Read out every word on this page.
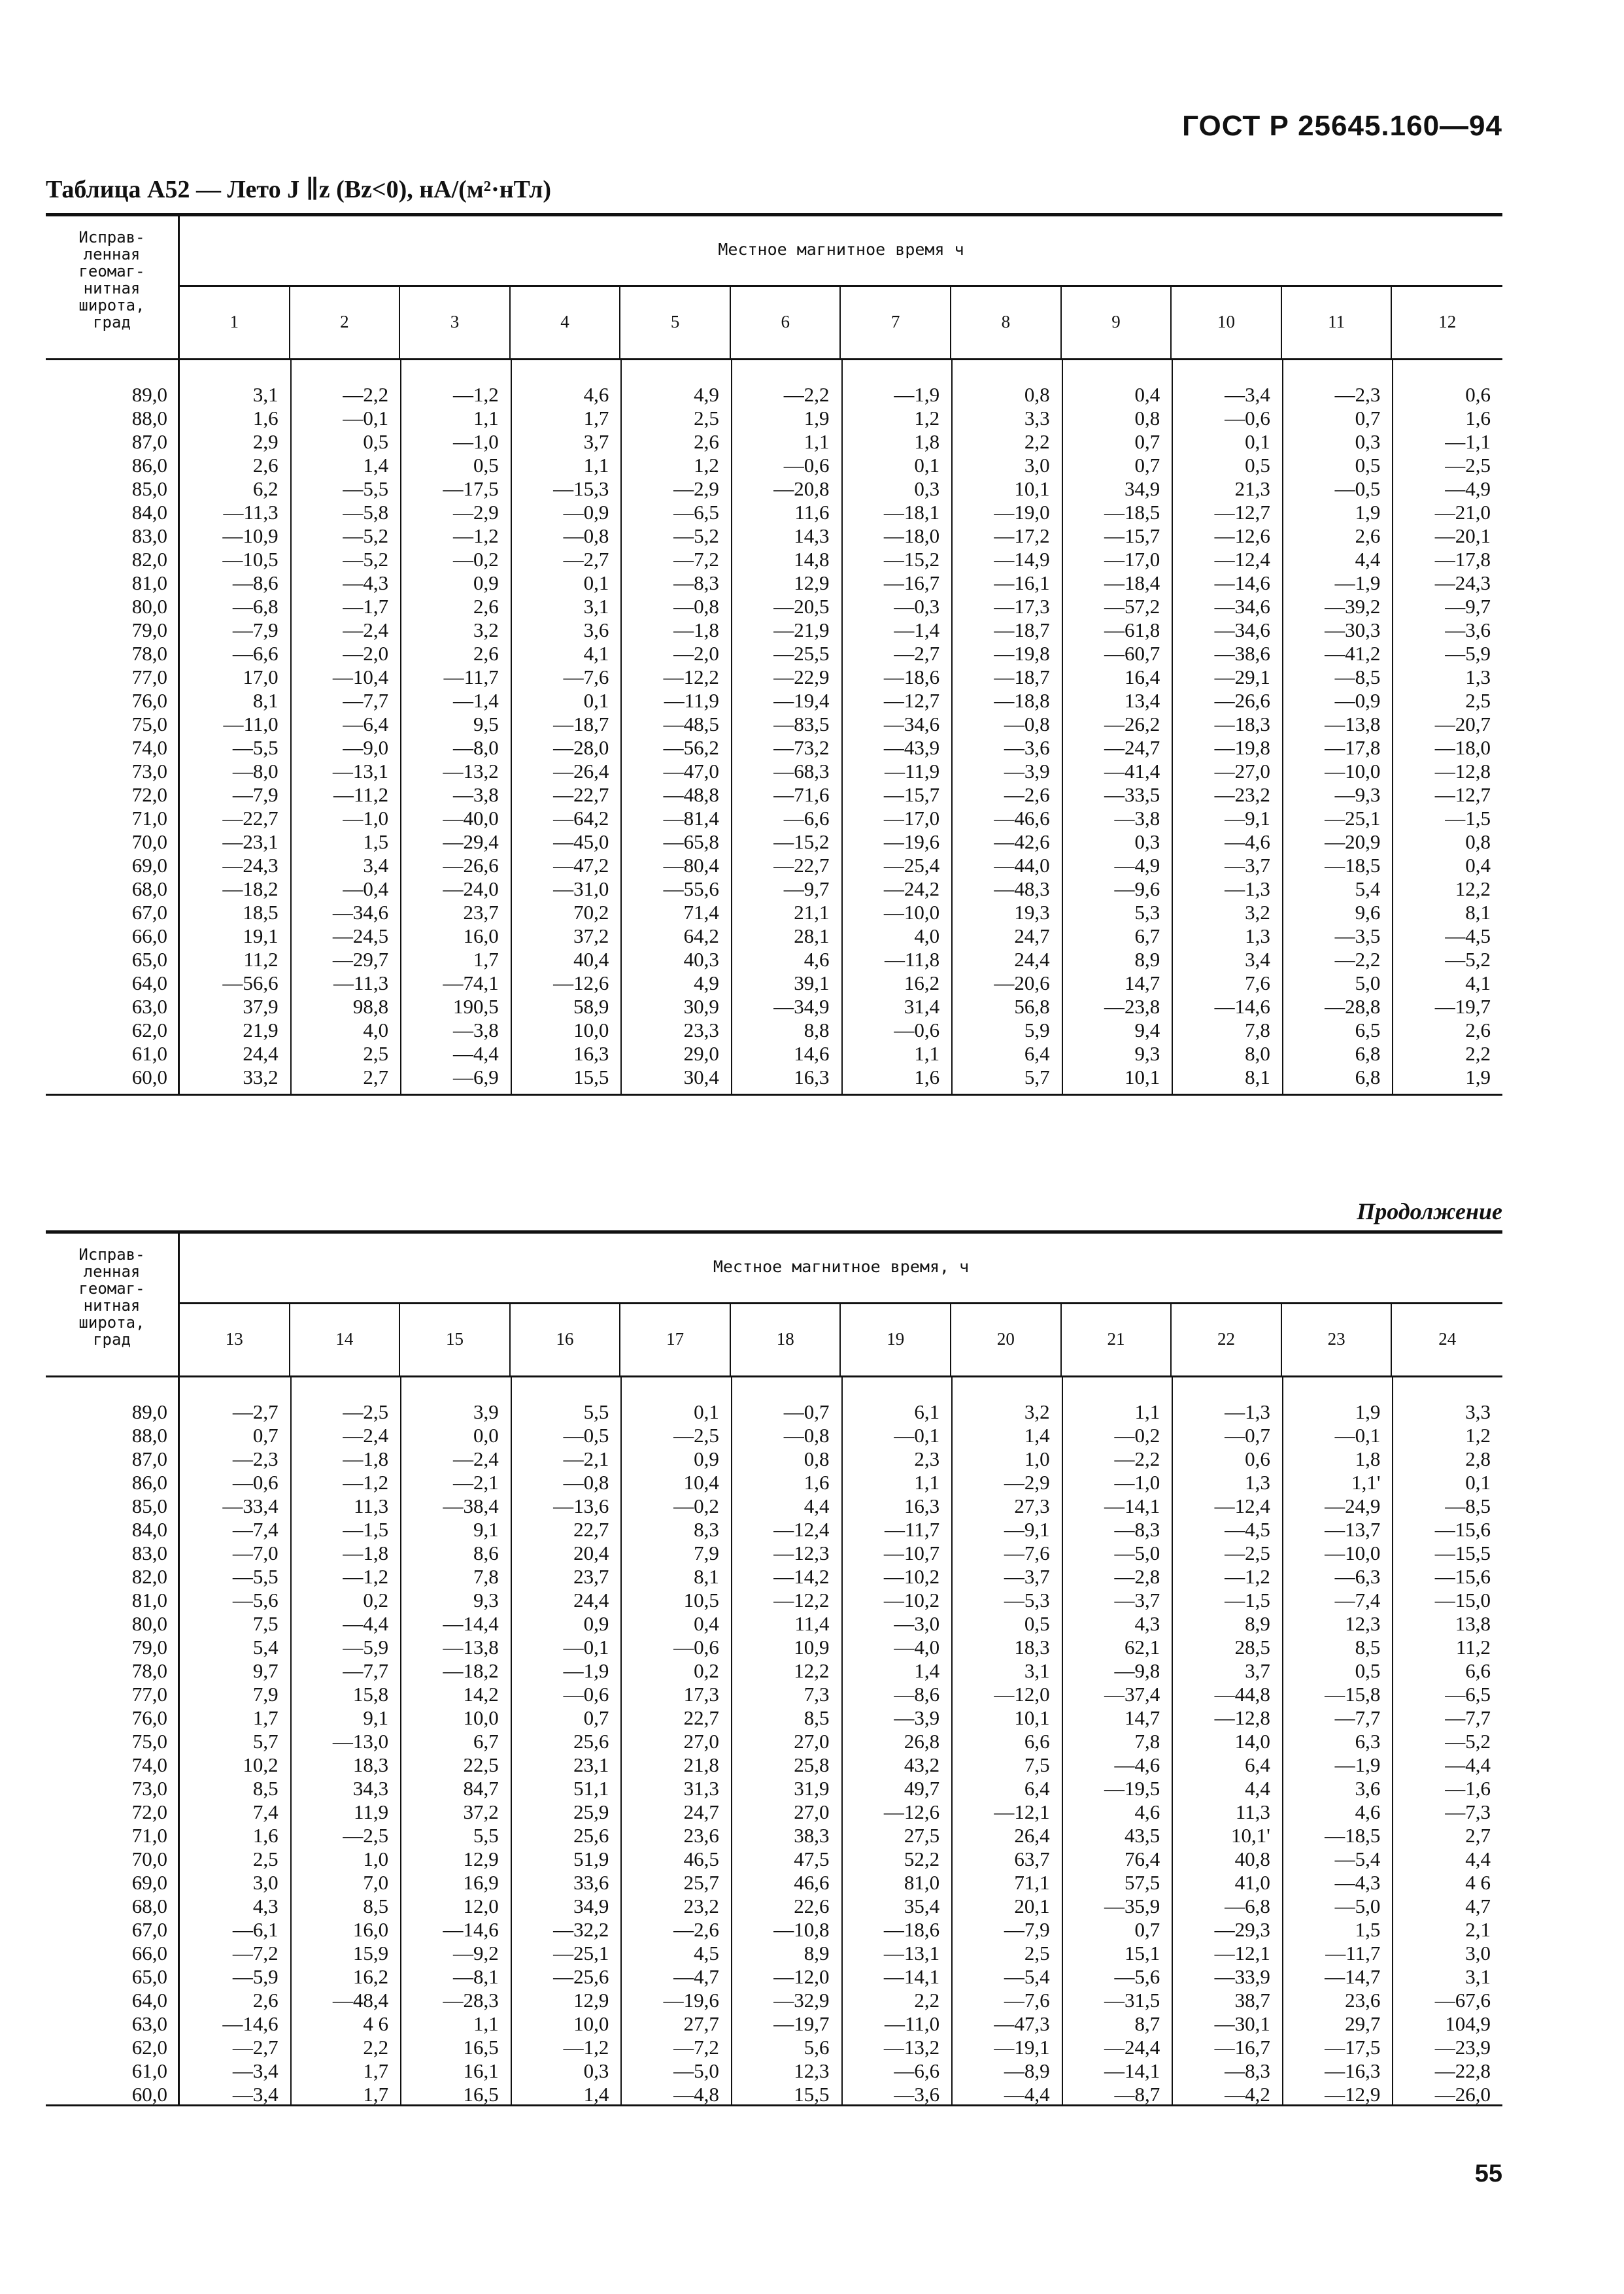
ГОСТ Р 25645.160—94
Таблица А52 — Лето J ∥z (Bz<0), нА/(м²·нТл)
Исправ-
ленная
геомаг-
нитная
широта,
град
Местное магнитное время ч
1	2	3	4	5	6	7	8	9	10	11	12
89,0	3,1	—2,2	—1,2	4,6	4,9	—2,2	—1,9	0,8	0,4	—3,4	—2,3	0,6
88,0	1,6	—0,1	1,1	1,7	2,5	1,9	1,2	3,3	0,8	—0,6	0,7	1,6
87,0	2,9	0,5	—1,0	3,7	2,6	1,1	1,8	2,2	0,7	0,1	0,3	—1,1
86,0	2,6	1,4	0,5	1,1	1,2	—0,6	0,1	3,0	0,7	0,5	0,5	—2,5
85,0	6,2	—5,5	—17,5	—15,3	—2,9	—20,8	0,3	10,1	34,9	21,3	—0,5	—4,9
84,0	—11,3	—5,8	—2,9	—0,9	—6,5	11,6	—18,1	—19,0	—18,5	—12,7	1,9	—21,0
83,0	—10,9	—5,2	—1,2	—0,8	—5,2	14,3	—18,0	—17,2	—15,7	—12,6	2,6	—20,1
82,0	—10,5	—5,2	—0,2	—2,7	—7,2	14,8	—15,2	—14,9	—17,0	—12,4	4,4	—17,8
81,0	—8,6	—4,3	0,9	0,1	—8,3	12,9	—16,7	—16,1	—18,4	—14,6	—1,9	—24,3
80,0	—6,8	—1,7	2,6	3,1	—0,8	—20,5	—0,3	—17,3	—57,2	—34,6	—39,2	—9,7
79,0	—7,9	—2,4	3,2	3,6	—1,8	—21,9	—1,4	—18,7	—61,8	—34,6	—30,3	—3,6
78,0	—6,6	—2,0	2,6	4,1	—2,0	—25,5	—2,7	—19,8	—60,7	—38,6	—41,2	—5,9
77,0	17,0	—10,4	—11,7	—7,6	—12,2	—22,9	—18,6	—18,7	16,4	—29,1	—8,5	1,3
76,0	8,1	—7,7	—1,4	0,1	—11,9	—19,4	—12,7	—18,8	13,4	—26,6	—0,9	2,5
75,0	—11,0	—6,4	9,5	—18,7	—48,5	—83,5	—34,6	—0,8	—26,2	—18,3	—13,8	—20,7
74,0	—5,5	—9,0	—8,0	—28,0	—56,2	—73,2	—43,9	—3,6	—24,7	—19,8	—17,8	—18,0
73,0	—8,0	—13,1	—13,2	—26,4	—47,0	—68,3	—11,9	—3,9	—41,4	—27,0	—10,0	—12,8
72,0	—7,9	—11,2	—3,8	—22,7	—48,8	—71,6	—15,7	—2,6	—33,5	—23,2	—9,3	—12,7
71,0	—22,7	—1,0	—40,0	—64,2	—81,4	—6,6	—17,0	—46,6	—3,8	—9,1	—25,1	—1,5
70,0	—23,1	1,5	—29,4	—45,0	—65,8	—15,2	—19,6	—42,6	0,3	—4,6	—20,9	0,8
69,0	—24,3	3,4	—26,6	—47,2	—80,4	—22,7	—25,4	—44,0	—4,9	—3,7	—18,5	0,4
68,0	—18,2	—0,4	—24,0	—31,0	—55,6	—9,7	—24,2	—48,3	—9,6	—1,3	5,4	12,2
67,0	18,5	—34,6	23,7	70,2	71,4	21,1	—10,0	19,3	5,3	3,2	9,6	8,1
66,0	19,1	—24,5	16,0	37,2	64,2	28,1	4,0	24,7	6,7	1,3	—3,5	—4,5
65,0	11,2	—29,7	1,7	40,4	40,3	4,6	—11,8	24,4	8,9	3,4	—2,2	—5,2
64,0	—56,6	—11,3	—74,1	—12,6	4,9	39,1	16,2	—20,6	14,7	7,6	5,0	4,1
63,0	37,9	98,8	190,5	58,9	30,9	—34,9	31,4	56,8	—23,8	—14,6	—28,8	—19,7
62,0	21,9	4,0	—3,8	10,0	23,3	8,8	—0,6	5,9	9,4	7,8	6,5	2,6
61,0	24,4	2,5	—4,4	16,3	29,0	14,6	1,1	6,4	9,3	8,0	6,8	2,2
60,0	33,2	2,7	—6,9	15,5	30,4	16,3	1,6	5,7	10,1	8,1	6,8	1,9
Продолжение
Исправ-
ленная
геомаг-
нитная
широта,
град
Местное магнитное время, ч
13	14	15	16	17	18	19	20	21	22	23	24
89,0	—2,7	—2,5	3,9	5,5	0,1	—0,7	6,1	3,2	1,1	—1,3	1,9	3,3
88,0	0,7	—2,4	0,0	—0,5	—2,5	—0,8	—0,1	1,4	—0,2	—0,7	—0,1	1,2
87,0	—2,3	—1,8	—2,4	—2,1	0,9	0,8	2,3	1,0	—2,2	0,6	1,8	2,8
86,0	—0,6	—1,2	—2,1	—0,8	10,4	1,6	1,1	—2,9	—1,0	1,3	1,1'	0,1
85,0	—33,4	11,3	—38,4	—13,6	—0,2	4,4	16,3	27,3	—14,1	—12,4	—24,9	—8,5
84,0	—7,4	—1,5	9,1	22,7	8,3	—12,4	—11,7	—9,1	—8,3	—4,5	—13,7	—15,6
83,0	—7,0	—1,8	8,6	20,4	7,9	—12,3	—10,7	—7,6	—5,0	—2,5	—10,0	—15,5
82,0	—5,5	—1,2	7,8	23,7	8,1	—14,2	—10,2	—3,7	—2,8	—1,2	—6,3	—15,6
81,0	—5,6	0,2	9,3	24,4	10,5	—12,2	—10,2	—5,3	—3,7	—1,5	—7,4	—15,0
80,0	7,5	—4,4	—14,4	0,9	0,4	11,4	—3,0	0,5	4,3	8,9	12,3	13,8
79,0	5,4	—5,9	—13,8	—0,1	—0,6	10,9	—4,0	18,3	62,1	28,5	8,5	11,2
78,0	9,7	—7,7	—18,2	—1,9	0,2	12,2	1,4	3,1	—9,8	3,7	0,5	6,6
77,0	7,9	15,8	14,2	—0,6	17,3	7,3	—8,6	—12,0	—37,4	—44,8	—15,8	—6,5
76,0	1,7	9,1	10,0	0,7	22,7	8,5	—3,9	10,1	14,7	—12,8	—7,7	—7,7
75,0	5,7	—13,0	6,7	25,6	27,0	27,0	26,8	6,6	7,8	14,0	6,3	—5,2
74,0	10,2	18,3	22,5	23,1	21,8	25,8	43,2	7,5	—4,6	6,4	—1,9	—4,4
73,0	8,5	34,3	84,7	51,1	31,3	31,9	49,7	6,4	—19,5	4,4	3,6	—1,6
72,0	7,4	11,9	37,2	25,9	24,7	27,0	—12,6	—12,1	4,6	11,3	4,6	—7,3
71,0	1,6	—2,5	5,5	25,6	23,6	38,3	27,5	26,4	43,5	10,1'	—18,5	2,7
70,0	2,5	1,0	12,9	51,9	46,5	47,5	52,2	63,7	76,4	40,8	—5,4	4,4
69,0	3,0	7,0	16,9	33,6	25,7	46,6	81,0	71,1	57,5	41,0	—4,3	4 6
68,0	4,3	8,5	12,0	34,9	23,2	22,6	35,4	20,1	—35,9	—6,8	—5,0	4,7
67,0	—6,1	16,0	—14,6	—32,2	—2,6	—10,8	—18,6	—7,9	0,7	—29,3	1,5	2,1
66,0	—7,2	15,9	—9,2	—25,1	4,5	8,9	—13,1	2,5	15,1	—12,1	—11,7	3,0
65,0	—5,9	16,2	—8,1	—25,6	—4,7	—12,0	—14,1	—5,4	—5,6	—33,9	—14,7	3,1
64,0	2,6	—48,4	—28,3	12,9	—19,6	—32,9	2,2	—7,6	—31,5	38,7	23,6	—67,6
63,0	—14,6	4 6	1,1	10,0	27,7	—19,7	—11,0	—47,3	8,7	—30,1	29,7	104,9
62,0	—2,7	2,2	16,5	—1,2	—7,2	5,6	—13,2	—19,1	—24,4	—16,7	—17,5	—23,9
61,0	—3,4	1,7	16,1	0,3	—5,0	12,3	—6,6	—8,9	—14,1	—8,3	—16,3	—22,8
60,0	—3,4	1,7	16,5	1,4	—4,8	15,5	—3,6	—4,4	—8,7	—4,2	—12,9	—26,0
55
